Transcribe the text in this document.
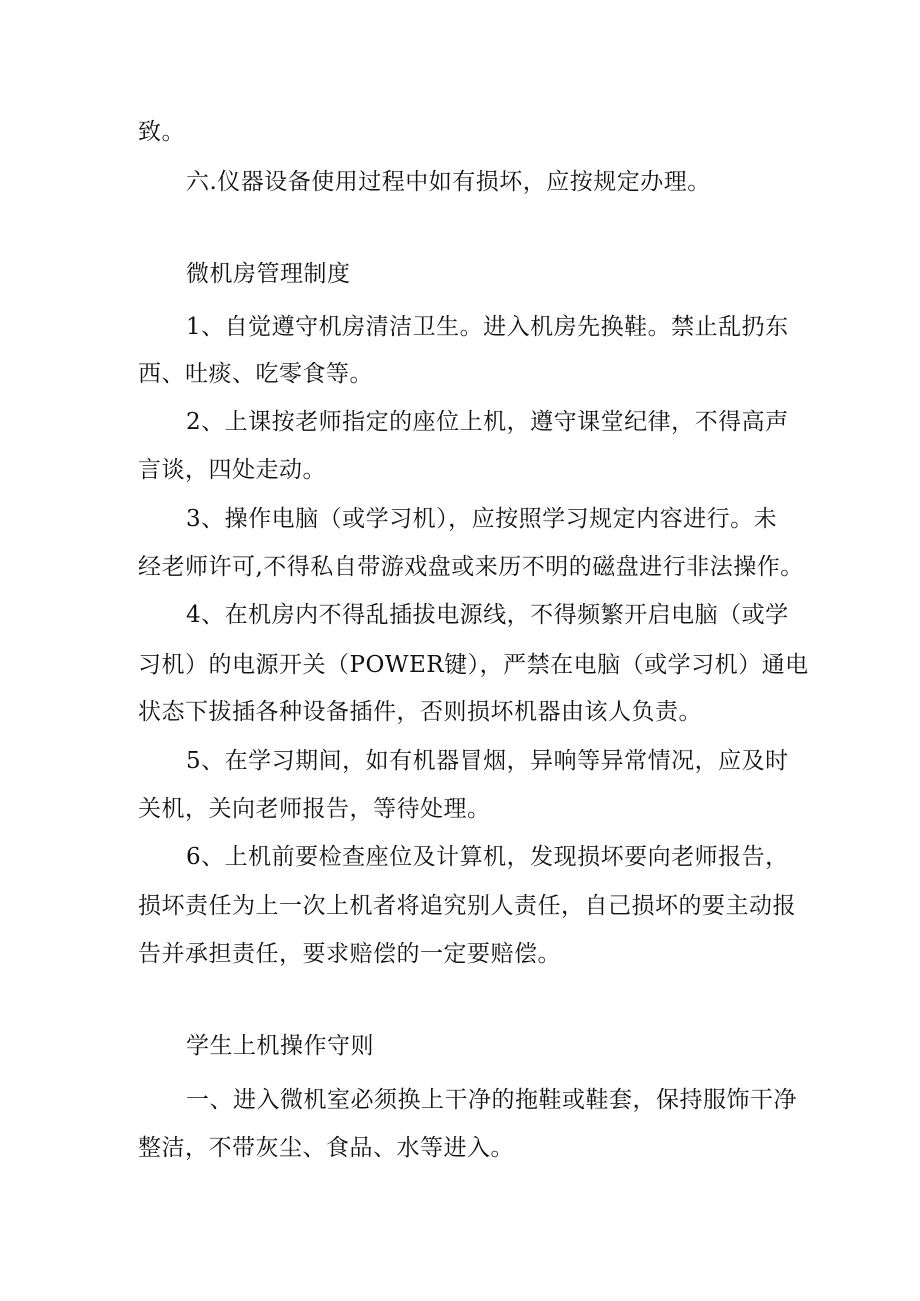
致。
六.仪器设备使用过程中如有损坏，应按规定办理。
微机房管理制度
1、自觉遵守机房清洁卫生。进入机房先换鞋。禁止乱扔东
西、吐痰、吃零食等。
2、上课按老师指定的座位上机，遵守课堂纪律，不得高声
言谈，四处走动。
3、操作电脑（或学习机），应按照学习规定内容进行。未
经老师许可,不得私自带游戏盘或来历不明的磁盘进行非法操作。
4、在机房内不得乱插拔电源线，不得频繁开启电脑（或学
习机）的电源开关（POWER键），严禁在电脑（或学习机）通电
状态下拔插各种设备插件，否则损坏机器由该人负责。
5、在学习期间，如有机器冒烟，异响等异常情况，应及时
关机，关向老师报告，等待处理。
6、上机前要检查座位及计算机，发现损坏要向老师报告，
损坏责任为上一次上机者将追究别人责任，自己损坏的要主动报
告并承担责任，要求赔偿的一定要赔偿。
学生上机操作守则
一、进入微机室必须换上干净的拖鞋或鞋套，保持服饰干净
整洁，不带灰尘、食品、水等进入。
